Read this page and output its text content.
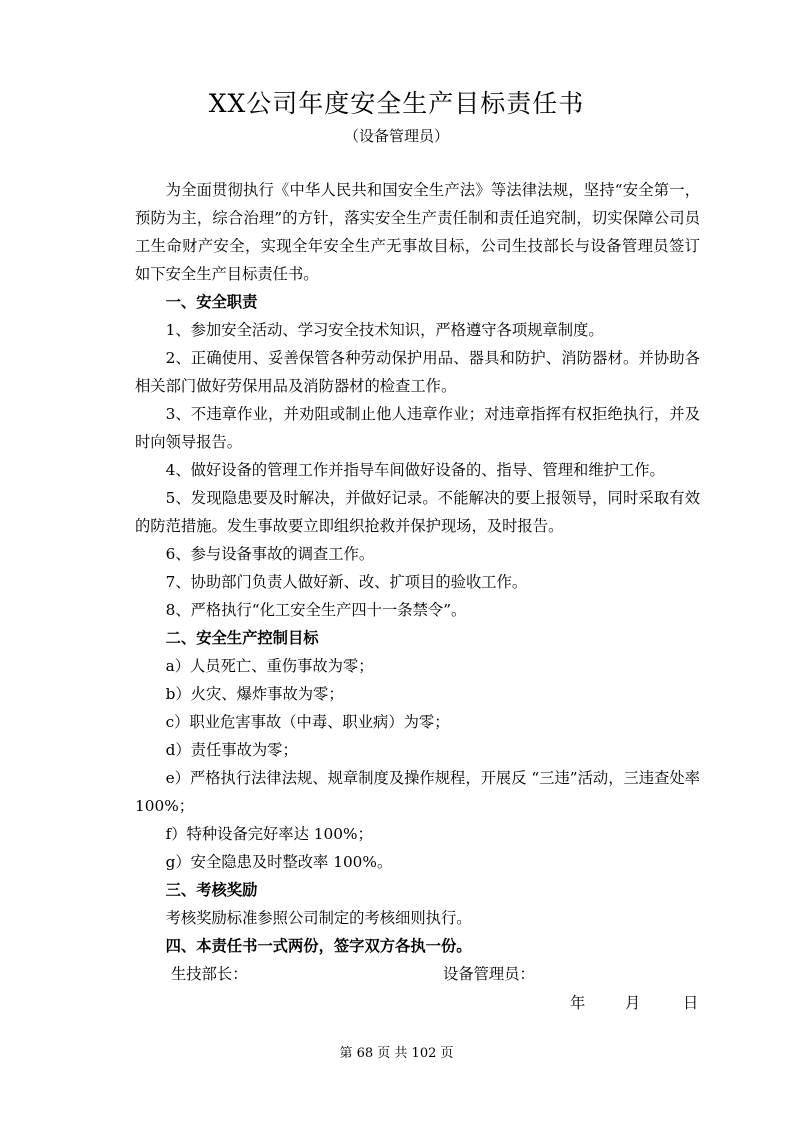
XX公司年度安全生产目标责任书
（设备管理员）

为全面贯彻执行《中华人民共和国安全生产法》等法律法规，坚持“安全第一，预防为主，综合治理”的方针，落实安全生产责任制和责任追究制，切实保障公司员工生命财产安全，实现全年安全生产无事故目标，公司生技部长与设备管理员签订如下安全生产目标责任书。

一、安全职责

1、参加安全活动、学习安全技术知识，严格遵守各项规章制度。

2、正确使用、妥善保管各种劳动保护用品、器具和防护、消防器材。并协助各相关部门做好劳保用品及消防器材的检查工作。

3、不违章作业，并劝阻或制止他人违章作业；对违章指挥有权拒绝执行，并及时向领导报告。

4、做好设备的管理工作并指导车间做好设备的、指导、管理和维护工作。

5、发现隐患要及时解决，并做好记录。不能解决的要上报领导，同时采取有效的防范措施。发生事故要立即组织抢救并保护现场，及时报告。

6、参与设备事故的调查工作。

7、协助部门负责人做好新、改、扩项目的验收工作。

8、严格执行“化工安全生产四十一条禁令”。

二、安全生产控制目标

a）人员死亡、重伤事故为零；

b）火灾、爆炸事故为零；

c）职业危害事故（中毒、职业病）为零；

d）责任事故为零；

e）严格执行法律法规、规章制度及操作规程，开展反 “三违”活动，三违查处率 100%；

f）特种设备完好率达 100%；

g）安全隐患及时整改率 100%。

三、考核奖励

考核奖励标准参照公司制定的考核细则执行。

四、本责任书一式两份，签字双方各执一份。

生技部长：	设备管理员：
年	月	日
第 68 页 共 102 页
